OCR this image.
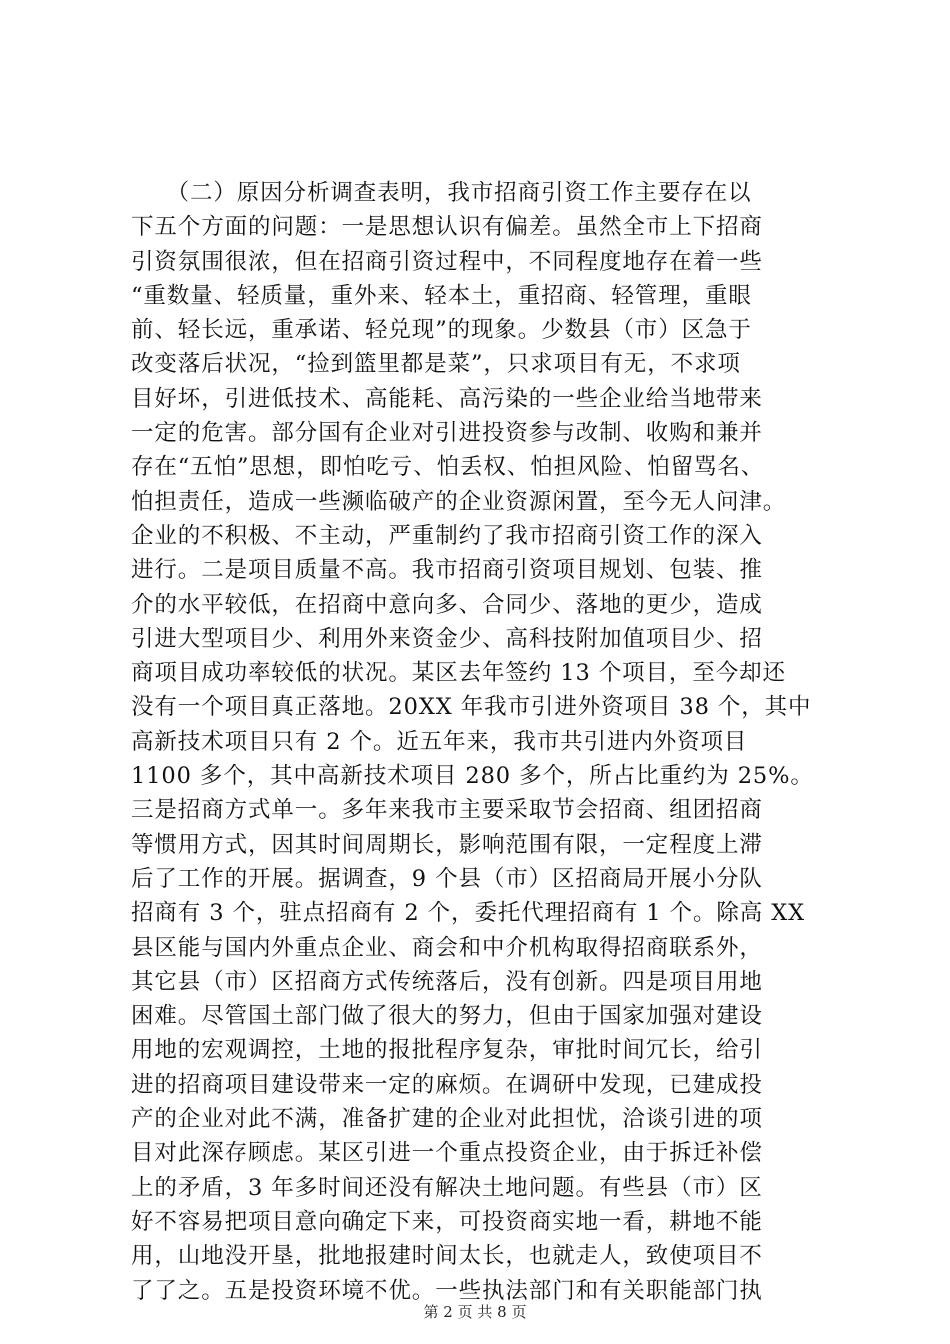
　　（二）原因分析调查表明，我市招商引资工作主要存在以
下五个方面的问题：一是思想认识有偏差。虽然全市上下招商
引资氛围很浓，但在招商引资过程中，不同程度地存在着一些
“重数量、轻质量，重外来、轻本土，重招商、轻管理，重眼
前、轻长远，重承诺、轻兑现”的现象。少数县（市）区急于
改变落后状况，“捡到篮里都是菜”，只求项目有无，不求项
目好坏，引进低技术、高能耗、高污染的一些企业给当地带来
一定的危害。部分国有企业对引进投资参与改制、收购和兼并
存在“五怕”思想，即怕吃亏、怕丢权、怕担风险、怕留骂名、
怕担责任，造成一些濒临破产的企业资源闲置，至今无人问津。
企业的不积极、不主动，严重制约了我市招商引资工作的深入
进行。二是项目质量不高。我市招商引资项目规划、包装、推
介的水平较低，在招商中意向多、合同少、落地的更少，造成
引进大型项目少、利用外来资金少、高科技附加值项目少、招
商项目成功率较低的状况。某区去年签约 13 个项目，至今却还
没有一个项目真正落地。20XX 年我市引进外资项目 38 个，其中
高新技术项目只有 2 个。近五年来，我市共引进内外资项目
1100 多个，其中高新技术项目 280 多个，所占比重约为 25%。
三是招商方式单一。多年来我市主要采取节会招商、组团招商
等惯用方式，因其时间周期长，影响范围有限，一定程度上滞
后了工作的开展。据调查，9 个县（市）区招商局开展小分队
招商有 3 个，驻点招商有 2 个，委托代理招商有 1 个。除高 XX
县区能与国内外重点企业、商会和中介机构取得招商联系外，
其它县（市）区招商方式传统落后，没有创新。四是项目用地
困难。尽管国土部门做了很大的努力，但由于国家加强对建设
用地的宏观调控，土地的报批程序复杂，审批时间冗长，给引
进的招商项目建设带来一定的麻烦。在调研中发现，已建成投
产的企业对此不满，准备扩建的企业对此担忧，洽谈引进的项
目对此深存顾虑。某区引进一个重点投资企业，由于拆迁补偿
上的矛盾，3 年多时间还没有解决土地问题。有些县（市）区
好不容易把项目意向确定下来，可投资商实地一看，耕地不能
用，山地没开垦，批地报建时间太长，也就走人，致使项目不
了了之。五是投资环境不优。一些执法部门和有关职能部门执
第 2 页 共 8 页
